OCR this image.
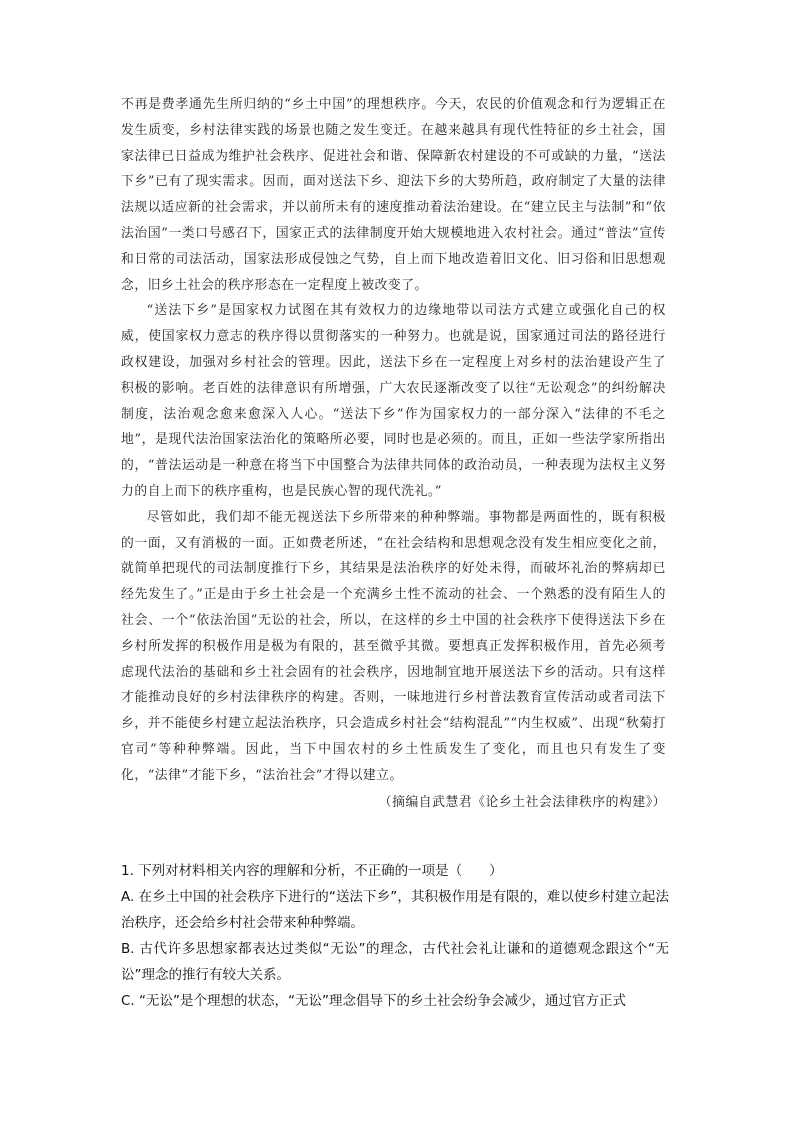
不再是费孝通先生所归纳的“乡土中国”的理想秩序。今天，农民的价值观念和行为逻辑正在发生质变，乡村法律实践的场景也随之发生变迁。在越来越具有现代性特征的乡土社会，国家法律已日益成为维护社会秩序、促进社会和谐、保障新农村建设的不可或缺的力量，“送法下乡”已有了现实需求。因而，面对送法下乡、迎法下乡的大势所趋，政府制定了大量的法律法规以适应新的社会需求，并以前所未有的速度推动着法治建设。在“建立民主与法制”和“依法治国”一类口号感召下，国家正式的法律制度开始大规模地进入农村社会。通过“普法”宣传和日常的司法活动，国家法形成侵蚀之气势，自上而下地改造着旧文化、旧习俗和旧思想观念，旧乡土社会的秩序形态在一定程度上被改变了。

“送法下乡”是国家权力试图在其有效权力的边缘地带以司法方式建立或强化自己的权威，使国家权力意志的秩序得以贯彻落实的一种努力。也就是说，国家通过司法的路径进行政权建设，加强对乡村社会的管理。因此，送法下乡在一定程度上对乡村的法治建设产生了积极的影响。老百姓的法律意识有所增强，广大农民逐渐改变了以往“无讼观念”的纠纷解决制度，法治观念愈来愈深入人心。“送法下乡”作为国家权力的一部分深入“法律的不毛之地”，是现代法治国家法治化的策略所必要，同时也是必须的。而且，正如一些法学家所指出的，“普法运动是一种意在将当下中国整合为法律共同体的政治动员，一种表现为法权主义努力的自上而下的秩序重构，也是民族心智的现代洗礼。”

尽管如此，我们却不能无视送法下乡所带来的种种弊端。事物都是两面性的，既有积极的一面，又有消极的一面。正如费老所述，“在社会结构和思想观念没有发生相应变化之前，就简单把现代的司法制度推行下乡，其结果是法治秩序的好处未得，而破坏礼治的弊病却已经先发生了。”正是由于乡土社会是一个充满乡土性不流动的社会、一个熟悉的没有陌生人的社会、一个“依法治国”无讼的社会，所以，在这样的乡土中国的社会秩序下使得送法下乡在乡村所发挥的积极作用是极为有限的，甚至微乎其微。要想真正发挥积极作用，首先必须考虑现代法治的基础和乡土社会固有的社会秩序，因地制宜地开展送法下乡的活动。只有这样才能推动良好的乡村法律秩序的构建。否则，一味地进行乡村普法教育宣传活动或者司法下乡，并不能使乡村建立起法治秩序，只会造成乡村社会“结构混乱”“内生权威”、出现“秋菊打官司”等种种弊端。因此，当下中国农村的乡土性质发生了变化，而且也只有发生了变化，“法律”才能下乡，“法治社会”才得以建立。

（摘编自武慧君《论乡土社会法律秩序的构建》）

1. 下列对材料相关内容的理解和分析，不正确的一项是（　　）

A. 在乡土中国的社会秩序下进行的“送法下乡”，其积极作用是有限的，难以使乡村建立起法治秩序，还会给乡村社会带来种种弊端。

B. 古代许多思想家都表达过类似“无讼”的理念，古代社会礼让谦和的道德观念跟这个“无讼”理念的推行有较大关系。

C. “无讼”是个理想的状态，“无讼”理念倡导下的乡土社会纷争会减少，通过官方正式
